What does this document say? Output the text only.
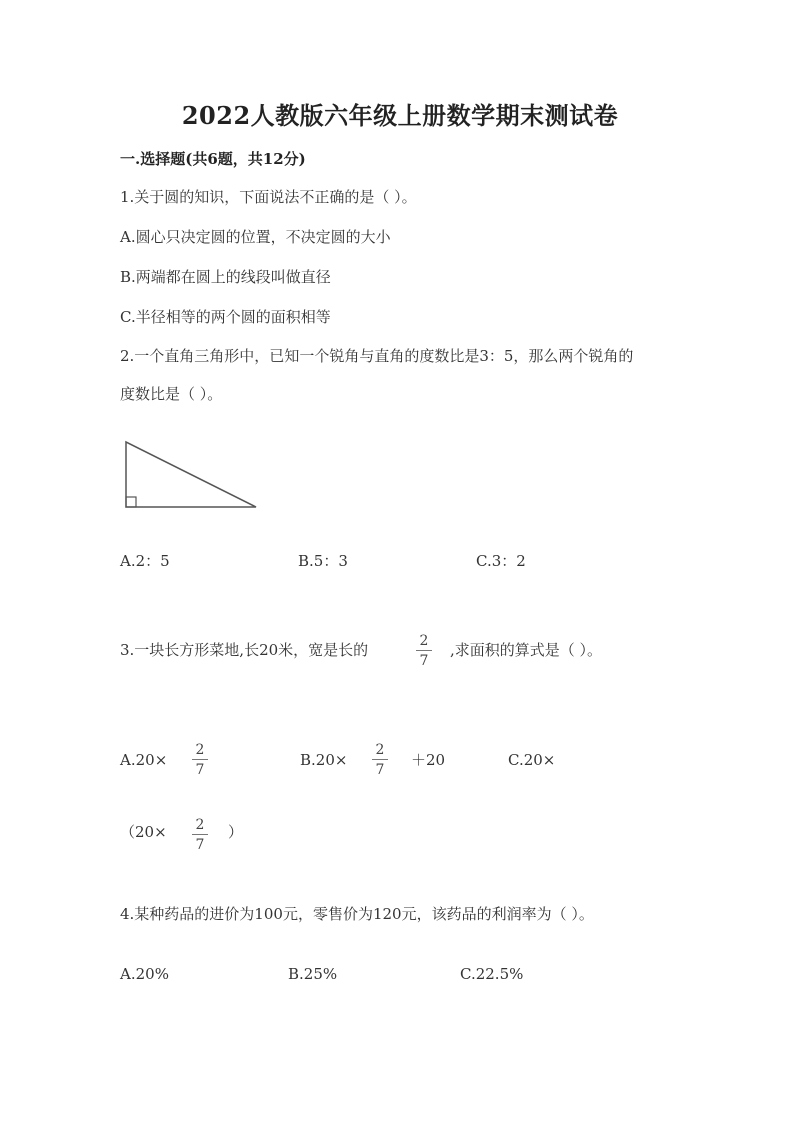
2022人教版六年级上册数学期末测试卷
一.选择题(共6题，共12分)
1.关于圆的知识，下面说法不正确的是（ ）。
A.圆心只决定圆的位置，不决定圆的大小
B.两端都在圆上的线段叫做直径
C.半径相等的两个圆的面积相等
2.一个直角三角形中，已知一个锐角与直角的度数比是3：5，那么两个锐角的
度数比是（ ）。
A.2：5	B.5：3	C.3：2
3.一块长方形菜地,长20米，宽是长的	2
7
,求面积的算式是（ ）。
A.20×
2
7
B.20×
2
7
＋20	C.20×
（20× 2
7
）
4.某种药品的进价为100元，零售价为120元，该药品的利润率为（ ）。
A.20%	B.25%	C.22.5%
